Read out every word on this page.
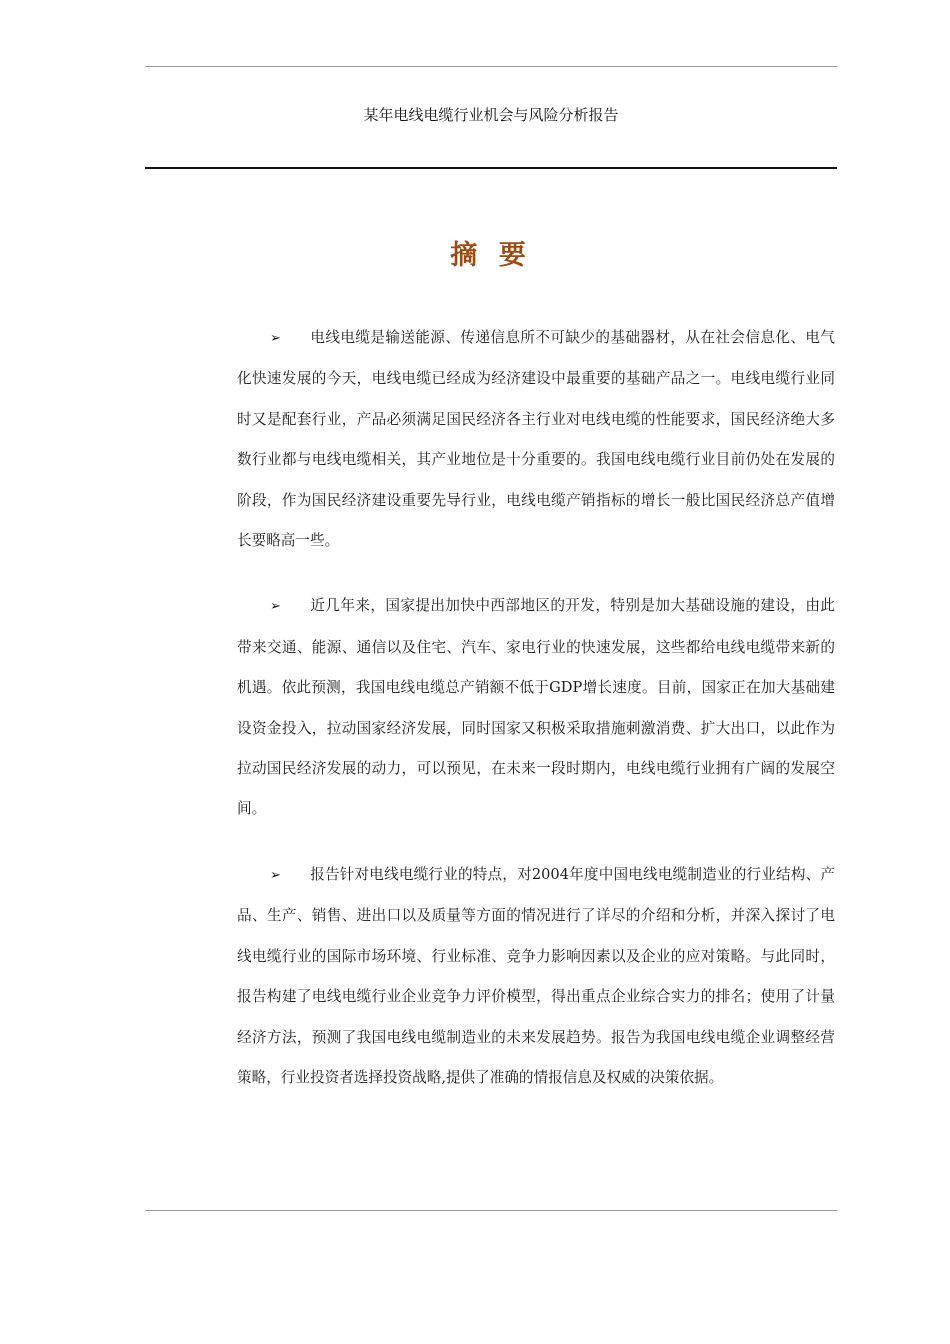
某年电线电缆行业机会与风险分析报告
摘 要

➢ 电线电缆是输送能源、传递信息所不可缺少的基础器材，从在社会信息化、电气化快速发展的今天，电线电缆已经成为经济建设中最重要的基础产品之一。电线电缆行业同时又是配套行业，产品必须满足国民经济各主行业对电线电缆的性能要求，国民经济绝大多数行业都与电线电缆相关，其产业地位是十分重要的。我国电线电缆行业目前仍处在发展的阶段，作为国民经济建设重要先导行业，电线电缆产销指标的增长一般比国民经济总产值增长要略高一些。

➢ 近几年来，国家提出加快中西部地区的开发，特别是加大基础设施的建设，由此带来交通、能源、通信以及住宅、汽车、家电行业的快速发展，这些都给电线电缆带来新的机遇。依此预测，我国电线电缆总产销额不低于GDP增长速度。目前，国家正在加大基础建设资金投入，拉动国家经济发展，同时国家又积极采取措施刺激消费、扩大出口，以此作为拉动国民经济发展的动力，可以预见，在未来一段时期内，电线电缆行业拥有广阔的发展空间。

➢ 报告针对电线电缆行业的特点，对2004年度中国电线电缆制造业的行业结构、产品、生产、销售、进出口以及质量等方面的情况进行了详尽的介绍和分析，并深入探讨了电线电缆行业的国际市场环境、行业标准、竞争力影响因素以及企业的应对策略。与此同时，报告构建了电线电缆行业企业竞争力评价模型，得出重点企业综合实力的排名；使用了计量经济方法，预测了我国电线电缆制造业的未来发展趋势。报告为我国电线电缆企业调整经营策略，行业投资者选择投资战略,提供了准确的情报信息及权威的决策依据。
